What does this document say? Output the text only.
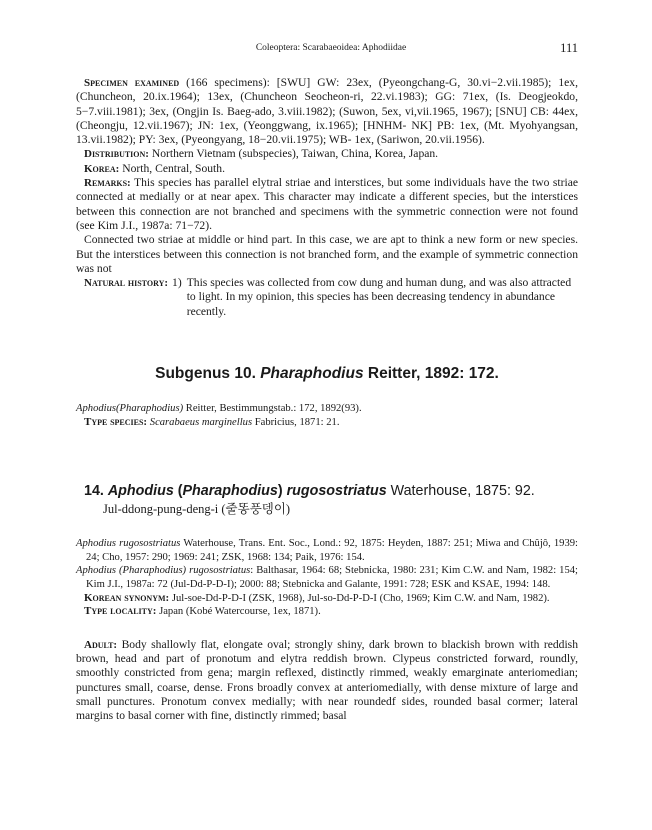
Coleoptera: Scarabaeoidea: Aphodiidae	111

Specimen examined (166 specimens): [SWU] GW: 23ex, (Pyeongchang-G, 30.vi−2.vii.1985); 1ex, (Chuncheon, 20.ix.1964); 13ex, (Chuncheon Seocheon-ri, 22.vi.1983); GG: 71ex, (Is. Deogjeokdo, 5−7.viii.1981); 3ex, (Ongjin Is. Baeg-ado, 3.viii.1982); (Suwon, 5ex, vi,vii.1965, 1967); [SNU] CB: 44ex, (Cheongju, 12.vii.1967); JN: 1ex, (Yeonggwang, ix.1965); [HNHM- NK] PB: 1ex, (Mt. Myohyangsan, 13.vii.1982); PY: 3ex, (Pyeongyang, 18−20.vii.1975); WB- 1ex, (Sariwon, 20.vii.1956).

Distribution: Northern Vietnam (subspecies), Taiwan, China, Korea, Japan.

Korea: North, Central, South.

Remarks: This species has parallel elytral striae and interstices, but some individuals have the two striae connected at medially or at near apex. This character may indicate a different species, but the interstices between this connection are not branched and specimens with the symmetric connection were not found (see Kim J.I., 1987a: 71−72).

Connected two striae at middle or hind part. In this case, we are apt to think a new form or new species. But the interstices between this connection is not branched form, and the example of symmetric connection was not

Natural history: 1) This species was collected from cow dung and human dung, and was also attracted to light. In my opinion, this species has been decreasing tendency in abundance recently.
Subgenus 10. Pharaphodius Reitter, 1892: 172.

Aphodius(Pharaphodius) Reitter, Bestimmungstab.: 172, 1892(93).

Type species: Scarabaeus marginellus Fabricius, 1871: 21.

14. Aphodius (Pharaphodius) rugosostriatus Waterhouse, 1875: 92.
Jul-ddong-pung-deng-i (줄똥풍뎅이)

Aphodius rugosostriatus Waterhouse, Trans. Ent. Soc., Lond.: 92, 1875: Heyden, 1887: 251; Miwa and Chûjô, 1939: 24; Cho, 1957: 290; 1969: 241; ZSK, 1968: 134; Paik, 1976: 154.

Aphodius (Pharaphodius) rugosostriatus: Balthasar, 1964: 68; Stebnicka, 1980: 231; Kim C.W. and Nam, 1982: 154; Kim J.I., 1987a: 72 (Jul-Dd-P-D-I); 2000: 88; Stebnicka and Galante, 1991: 728; ESK and KSAE, 1994: 148.

Korean synonym: Jul-soe-Dd-P-D-I (ZSK, 1968), Jul-so-Dd-P-D-I (Cho, 1969; Kim C.W. and Nam, 1982).

Type locality: Japan (Kobé Watercourse, 1ex, 1871).

Adult: Body shallowly flat, elongate oval; strongly shiny, dark brown to blackish brown with reddish brown, head and part of pronotum and elytra reddish brown. Clypeus constricted forward, roundly, smoothly constricted from gena; margin reflexed, distinctly rimmed, weakly emarginate anteriomedian; punctures small, coarse, dense. Frons broadly convex at anteriomedially, with dense mixture of large and small punctures. Pronotum convex medially; with near roundedf sides, rounded basal cormer; lateral margins to basal corner with fine, distinctly rimmed; basal
